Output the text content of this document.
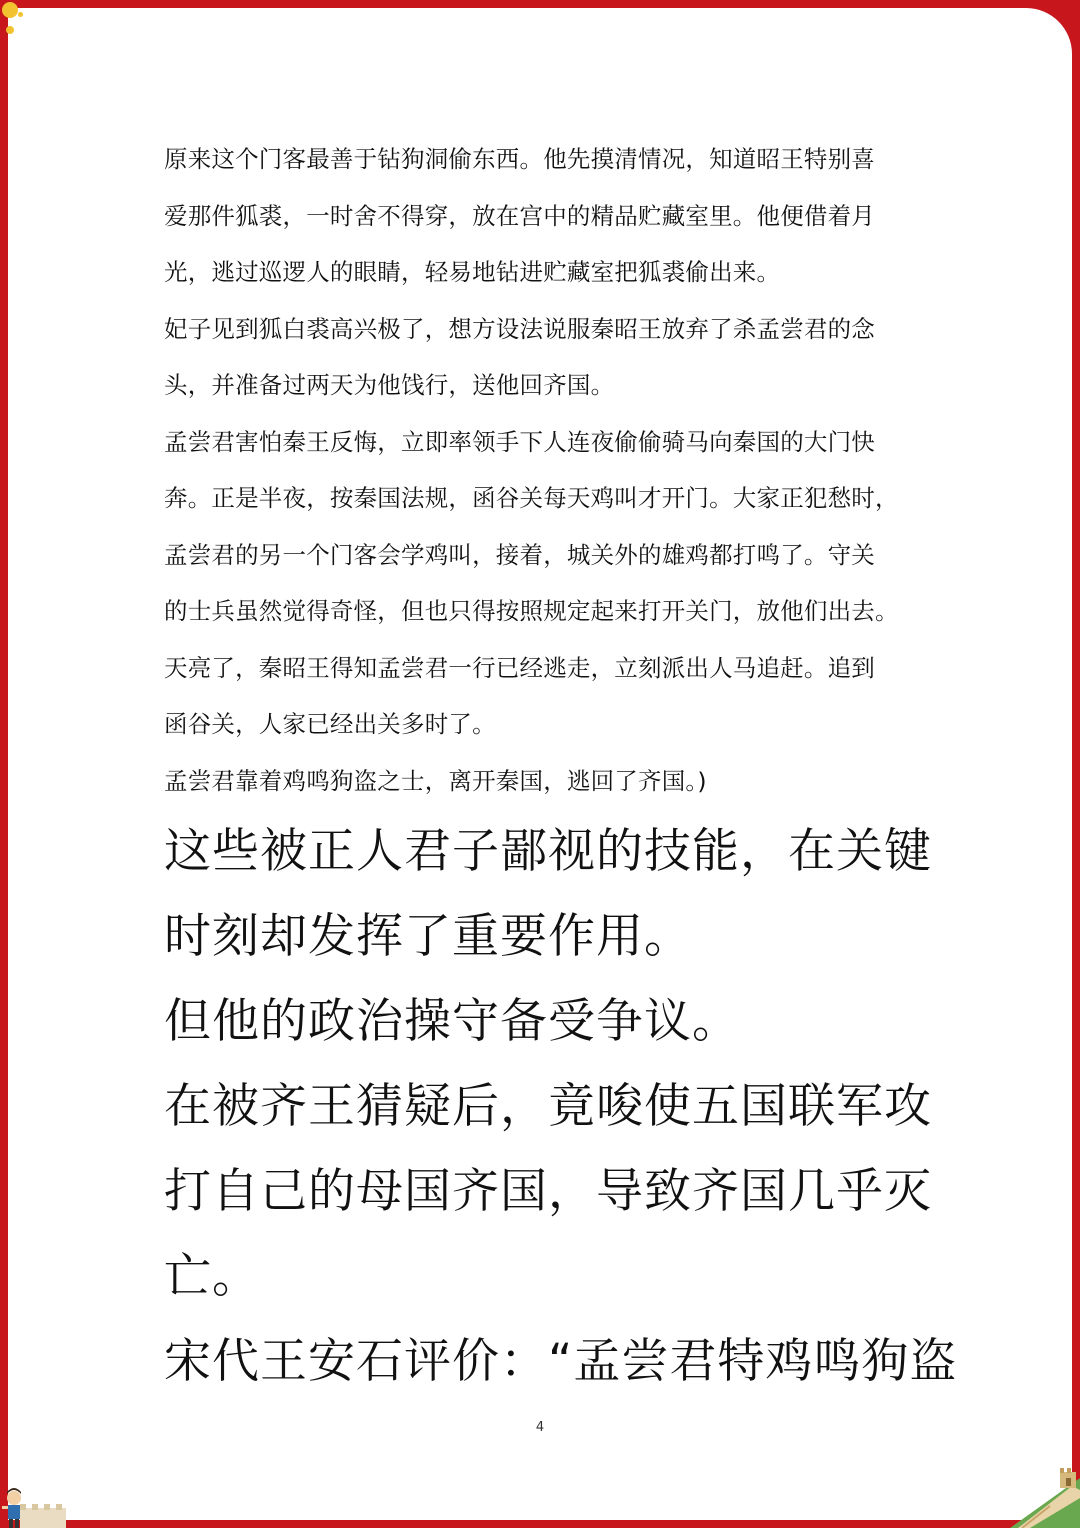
原来这个门客最善于钻狗洞偷东西。他先摸清情况，知道昭王特别喜

爱那件狐裘，一时舍不得穿，放在宫中的精品贮藏室里。他便借着月

光，逃过巡逻人的眼睛，轻易地钻进贮藏室把狐裘偷出来。

妃子见到狐白裘高兴极了，想方设法说服秦昭王放弃了杀孟尝君的念

头，并准备过两天为他饯行，送他回齐国。

孟尝君害怕秦王反悔，立即率领手下人连夜偷偷骑马向秦国的大门快

奔。正是半夜，按秦国法规，函谷关每天鸡叫才开门。大家正犯愁时，

孟尝君的另一个门客会学鸡叫，接着，城关外的雄鸡都打鸣了。守关

的士兵虽然觉得奇怪，但也只得按照规定起来打开关门，放他们出去。

天亮了，秦昭王得知孟尝君一行已经逃走，立刻派出人马追赶。追到

函谷关，人家已经出关多时了。

孟尝君靠着鸡鸣狗盗之士，离开秦国，逃回了齐国。)

这些被正人君子鄙视的技能，在关键

时刻却发挥了重要作用。

但他的政治操守备受争议。

在被齐王猜疑后，竟唆使五国联军攻

打自己的母国齐国，导致齐国几乎灭

亡。

宋代王安石评价：“孟尝君特鸡鸣狗盗

4
